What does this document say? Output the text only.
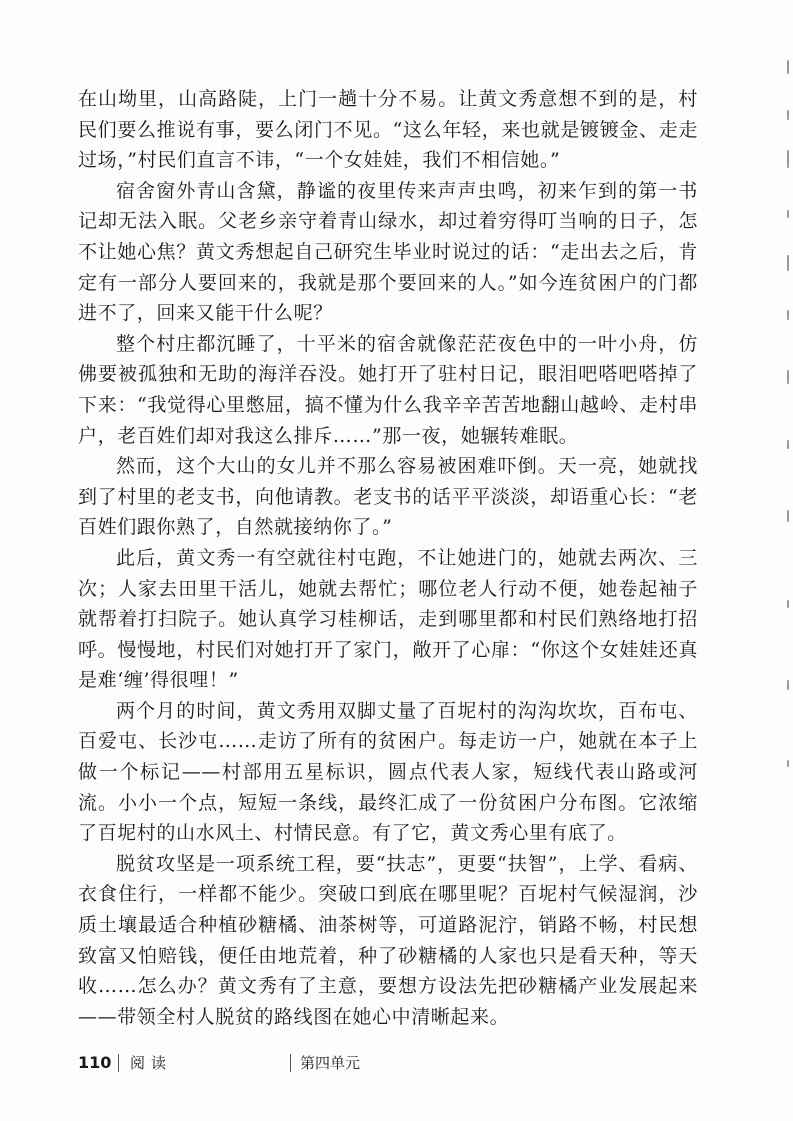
在山坳里，山高路陡，上门一趟十分不易。让黄文秀意想不到的是，村民们要么推说有事，要么闭门不见。“这么年轻，来也就是镀镀金、走走过场，”村民们直言不讳，“一个女娃娃，我们不相信她。”

宿舍窗外青山含黛，静谧的夜里传来声声虫鸣，初来乍到的第一书记却无法入眠。父老乡亲守着青山绿水，却过着穷得叮当响的日子，怎不让她心焦？黄文秀想起自己研究生毕业时说过的话：“走出去之后，肯定有一部分人要回来的，我就是那个要回来的人。”如今连贫困户的门都进不了，回来又能干什么呢？

整个村庄都沉睡了，十平米的宿舍就像茫茫夜色中的一叶小舟，仿佛要被孤独和无助的海洋吞没。她打开了驻村日记，眼泪吧嗒吧嗒掉了下来：“我觉得心里憋屈，搞不懂为什么我辛辛苦苦地翻山越岭、走村串户，老百姓们却对我这么排斥……”那一夜，她辗转难眠。

然而，这个大山的女儿并不那么容易被困难吓倒。天一亮，她就找到了村里的老支书，向他请教。老支书的话平平淡淡，却语重心长：“老百姓们跟你熟了，自然就接纳你了。”

此后，黄文秀一有空就往村屯跑，不让她进门的，她就去两次、三次；人家去田里干活儿，她就去帮忙；哪位老人行动不便，她卷起袖子就帮着打扫院子。她认真学习桂柳话，走到哪里都和村民们熟络地打招呼。慢慢地，村民们对她打开了家门，敞开了心扉：“你这个女娃娃还真是难‘缠’得很哩！”

两个月的时间，黄文秀用双脚丈量了百坭村的沟沟坎坎，百布屯、百爱屯、长沙屯……走访了所有的贫困户。每走访一户，她就在本子上做一个标记——村部用五星标识，圆点代表人家，短线代表山路或河流。小小一个点，短短一条线，最终汇成了一份贫困户分布图。它浓缩了百坭村的山水风土、村情民意。有了它，黄文秀心里有底了。

脱贫攻坚是一项系统工程，要“扶志”，更要“扶智”，上学、看病、衣食住行，一样都不能少。突破口到底在哪里呢？百坭村气候湿润，沙质土壤最适合种植砂糖橘、油茶树等，可道路泥泞，销路不畅，村民想致富又怕赔钱，便任由地荒着，种了砂糖橘的人家也只是看天种，等天收……怎么办？黄文秀有了主意，要想方设法先把砂糖橘产业发展起来——带领全村人脱贫的路线图在她心中清晰起来。

110 阅读	第四单元
